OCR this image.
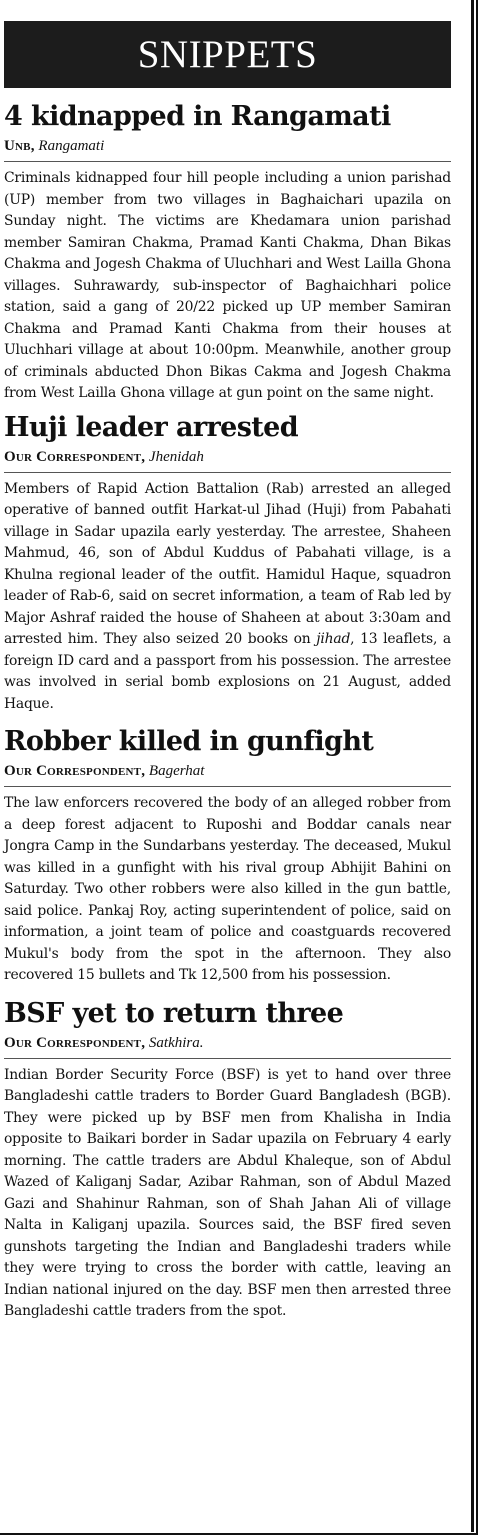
SNIPPETS
4 kidnapped in Rangamati
Unb, Rangamati

Criminals kidnapped four hill people including a union parishad (UP) member from two villages in Baghaichari upazila on Sunday night. The victims are Khedamara union parishad member Samiran Chakma, Pramad Kanti Chakma, Dhan Bikas Chakma and Jogesh Chakma of Uluchhari and West Lailla Ghona villages. Suhrawardy, sub-inspector of Baghaichhari police station, said a gang of 20/22 picked up UP member Samiran Chakma and Pramad Kanti Chakma from their houses at Uluchhari village at about 10:00pm. Meanwhile, another group of criminals abducted Dhon Bikas Cakma and Jogesh Chakma from West Lailla Ghona village at gun point on the same night.

Huji leader arrested
Our Correspondent, Jhenidah

Members of Rapid Action Battalion (Rab) arrested an alleged operative of banned outfit Harkat-ul Jihad (Huji) from Pabahati village in Sadar upazila early yesterday. The arrestee, Shaheen Mahmud, 46, son of Abdul Kuddus of Pabahati village, is a Khulna regional leader of the outfit. Hamidul Haque, squadron leader of Rab-6, said on secret information, a team of Rab led by Major Ashraf raided the house of Shaheen at about 3:30am and arrested him. They also seized 20 books on jihad, 13 leaflets, a foreign ID card and a passport from his possession. The arrestee was involved in serial bomb explosions on 21 August, added Haque.

Robber killed in gunfight
Our Correspondent, Bagerhat

The law enforcers recovered the body of an alleged robber from a deep forest adjacent to Ruposhi and Boddar canals near Jongra Camp in the Sundarbans yesterday. The deceased, Mukul was killed in a gunfight with his rival group Abhijit Bahini on Saturday. Two other robbers were also killed in the gun battle, said police. Pankaj Roy, acting superintendent of police, said on information, a joint team of police and coastguards recovered Mukul's body from the spot in the afternoon. They also recovered 15 bullets and Tk 12,500 from his possession.

BSF yet to return three
Our Correspondent, Satkhira.

Indian Border Security Force (BSF) is yet to hand over three Bangladeshi cattle traders to Border Guard Bangladesh (BGB). They were picked up by BSF men from Khalisha in India opposite to Baikari border in Sadar upazila on February 4 early morning. The cattle traders are Abdul Khaleque, son of Abdul Wazed of Kaliganj Sadar, Azibar Rahman, son of Abdul Mazed Gazi and Shahinur Rahman, son of Shah Jahan Ali of village Nalta in Kaliganj upazila. Sources said, the BSF fired seven gunshots targeting the Indian and Bangladeshi traders while they were trying to cross the border with cattle, leaving an Indian national injured on the day. BSF men then arrested three Bangladeshi cattle traders from the spot.
